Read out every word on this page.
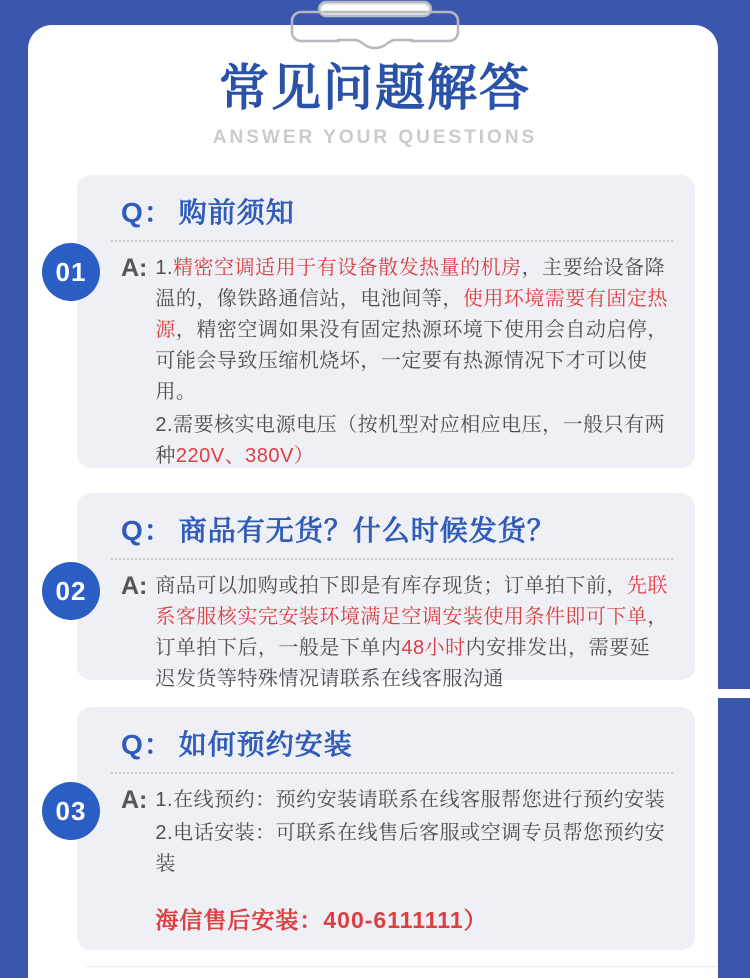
常见问题解答
ANSWER YOUR QUESTIONS
Q： 购前须知
A: 1.精密空调适用于有设备散发热量的机房，主要给设备降温的，像铁路通信站，电池间等，使用环境需要有固定热源，精密空调如果没有固定热源环境下使用会自动启停，可能会导致压缩机烧坏，一定要有热源情况下才可以使用。

2.需要核实电源电压（按机型对应相应电压，一般只有两种220V、380V）

Q： 商品有无货？什么时候发货？
A: 商品可以加购或拍下即是有库存现货；订单拍下前，先联系客服核实完安装环境满足空调安装使用条件即可下单，订单拍下后，一般是下单内48小时内安排发出，需要延迟发货等特殊情况请联系在线客服沟通

Q： 如何预约安装
A: 1.在线预约：预约安装请联系在线客服帮您进行预约安装

2.电话安装：可联系在线售后客服或空调专员帮您预约安装

海信售后安装：400-6111111）
01
02
03
